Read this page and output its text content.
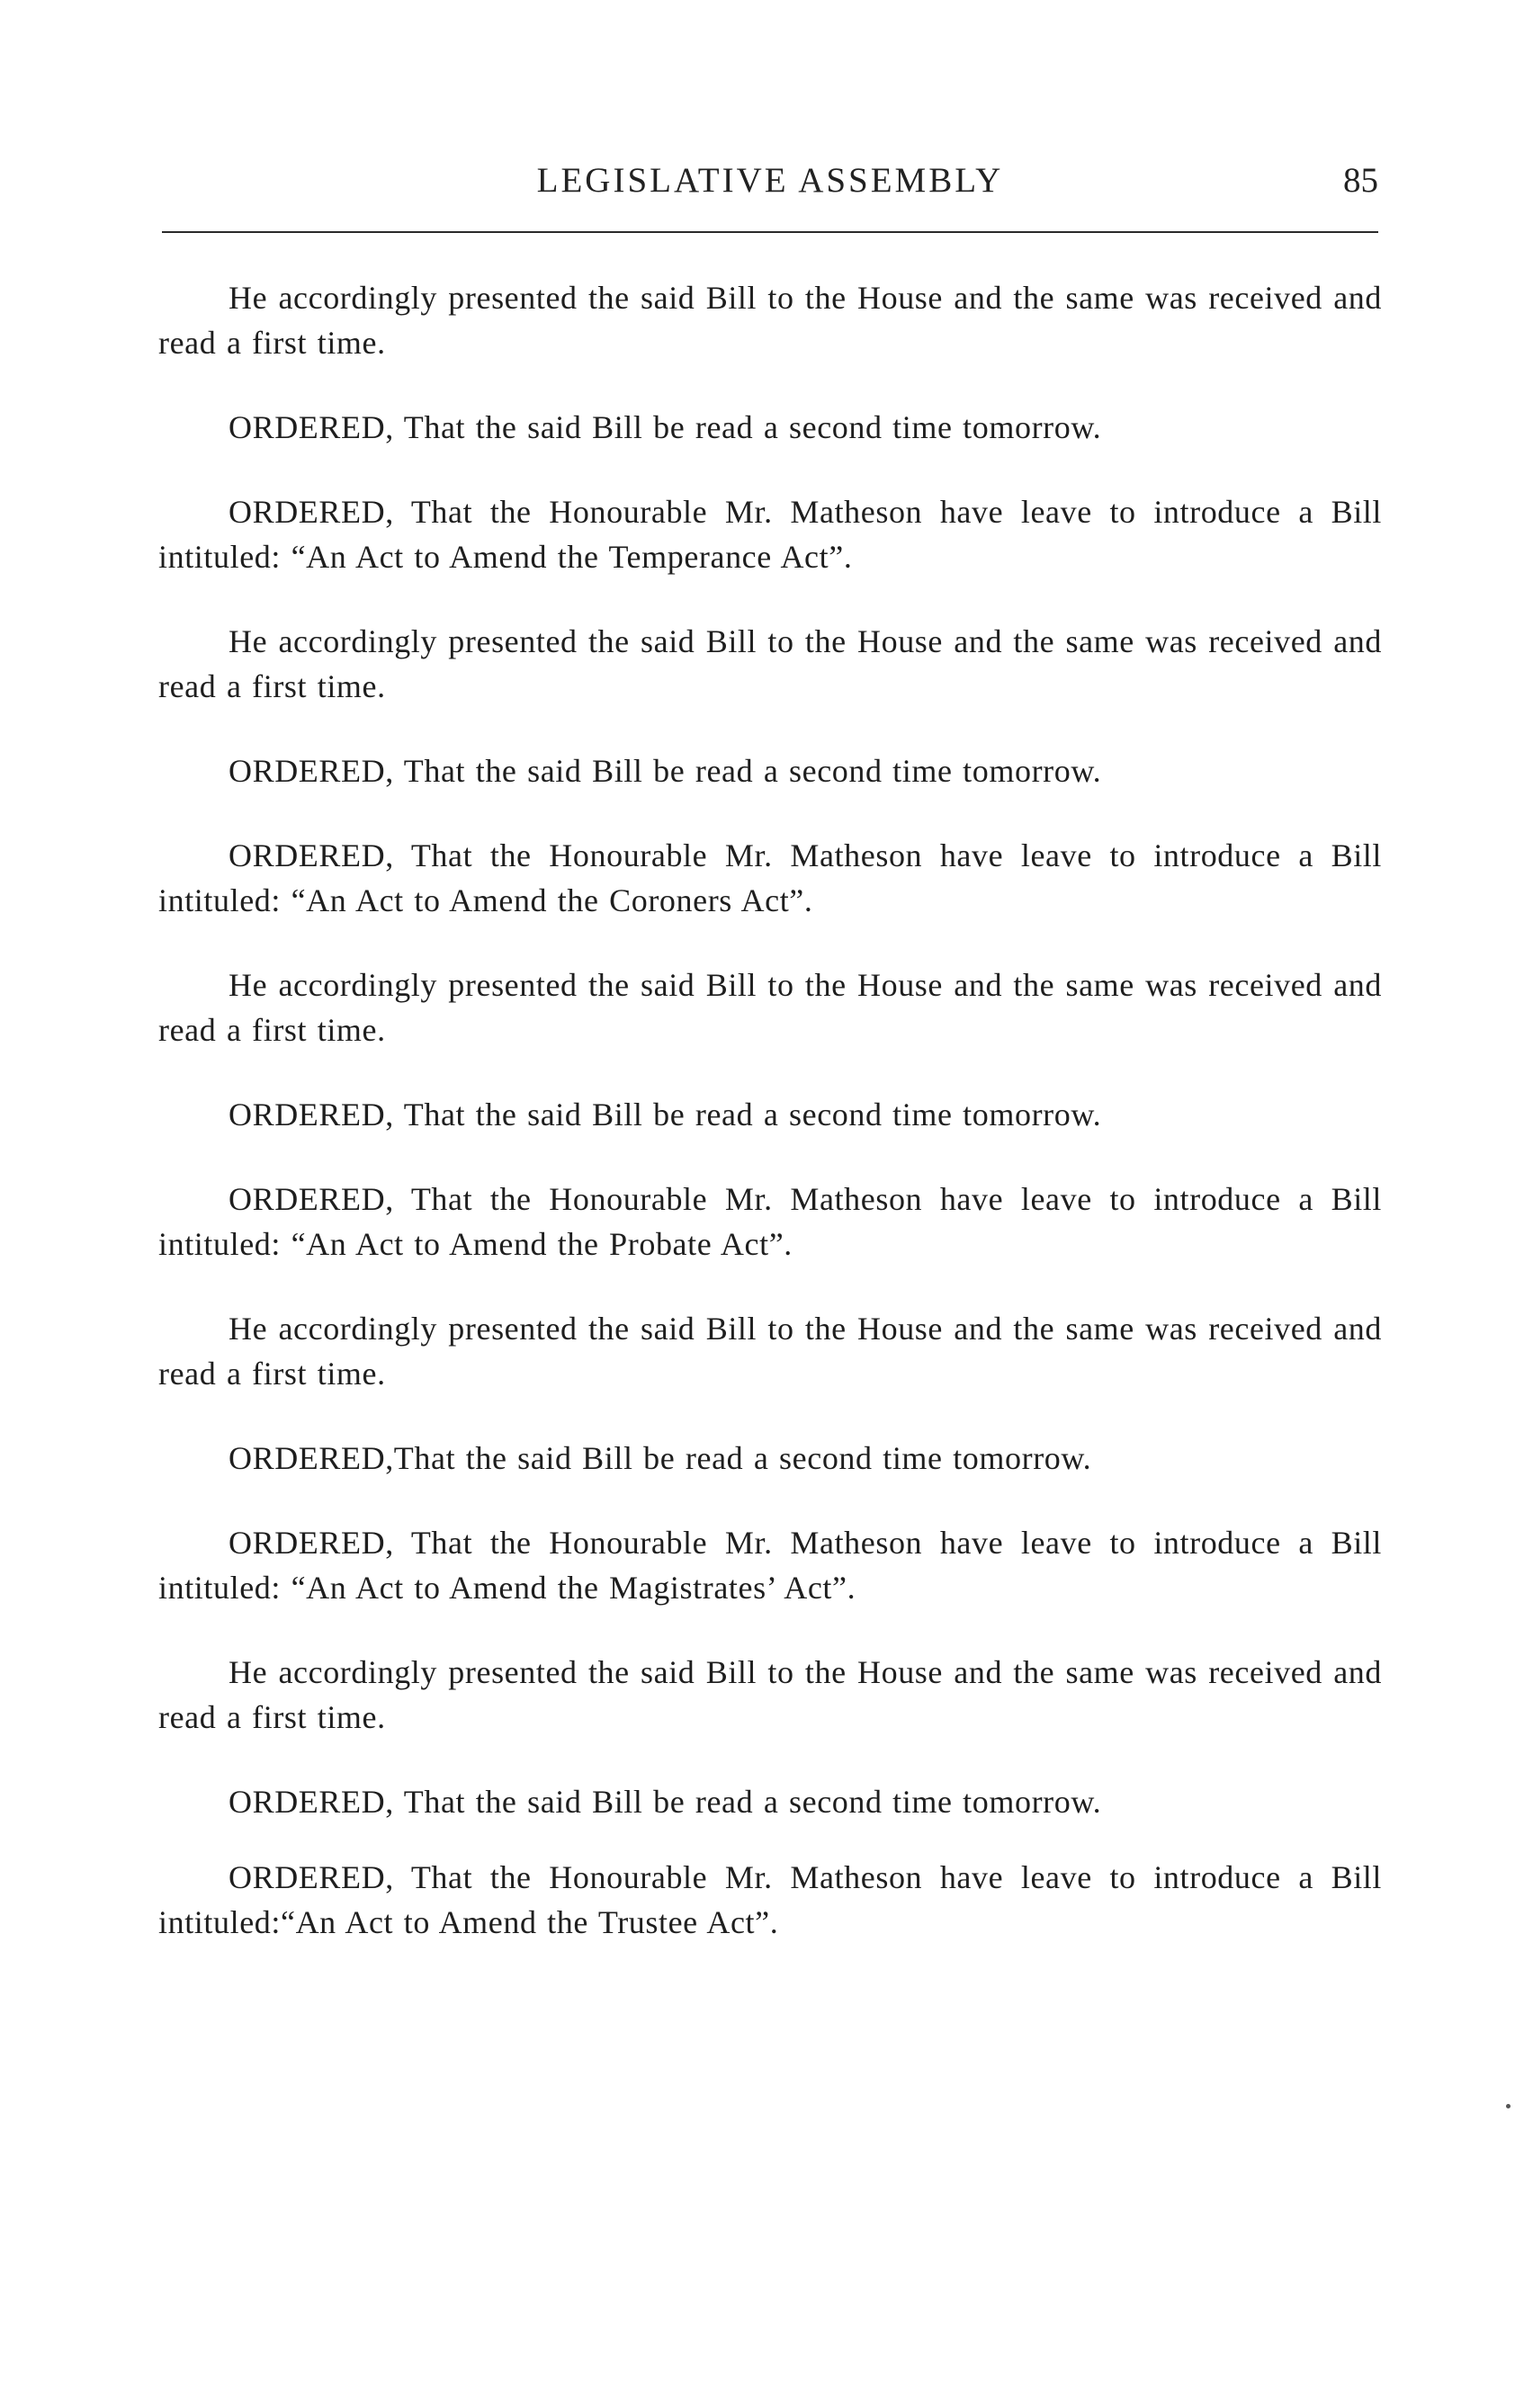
LEGISLATIVE ASSEMBLY	85

He accordingly presented the said Bill to the House and the same was received and read a first time.

ORDERED, That the said Bill be read a second time tomorrow.

ORDERED, That the Honourable Mr. Matheson have leave to introduce a Bill intituled: “An Act to Amend the Temperance Act”.

He accordingly presented the said Bill to the House and the same was received and read a first time.

ORDERED, That the said Bill be read a second time tomorrow.

ORDERED, That the Honourable Mr. Matheson have leave to introduce a Bill intituled: “An Act to Amend the Coroners Act”.

He accordingly presented the said Bill to the House and the same was received and read a first time.

ORDERED, That the said Bill be read a second time tomorrow.

ORDERED, That the Honourable Mr. Matheson have leave to introduce a Bill intituled: “An Act to Amend the Probate Act”.

He accordingly presented the said Bill to the House and the same was received and read a first time.

ORDERED,That the said Bill be read a second time tomorrow.

ORDERED, That the Honourable Mr. Matheson have leave to introduce a Bill intituled: “An Act to Amend the Magistrates’ Act”.

He accordingly presented the said Bill to the House and the same was received and read a first time.

ORDERED, That the said Bill be read a second time tomorrow.

ORDERED, That the Honourable Mr. Matheson have leave to introduce a Bill intituled:“An Act to Amend the Trustee Act”.
